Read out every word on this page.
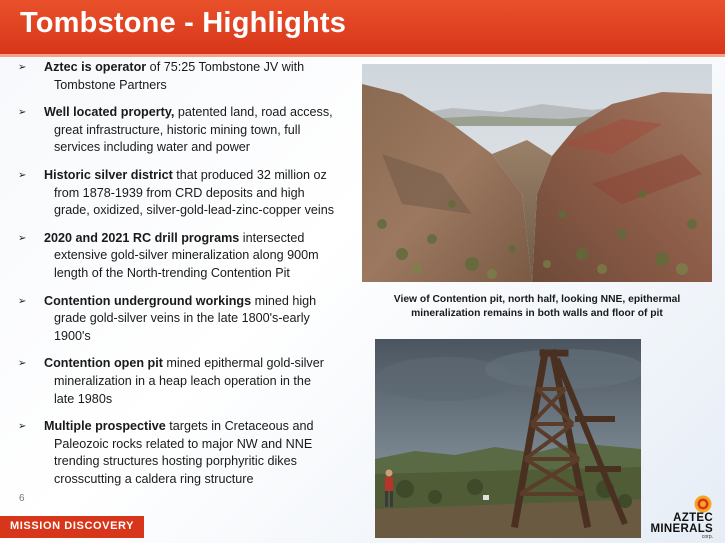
Tombstone - Highlights
➢	Aztec is operator of 75:25 Tombstone JV with
Tombstone Partners
➢	Well located property, patented land, road access,
great infrastructure, historic mining town, full
services including water and power
➢	Historic silver district that produced 32 million oz
from 1878-1939 from CRD deposits and high
grade, oxidized, silver-gold-lead-zinc-copper veins
➢	2020 and 2021 RC drill programs intersected
extensive gold-silver mineralization along 900m
length of the North-trending Contention Pit
➢	Contention underground workings mined high
grade gold-silver veins in the late 1800's-early
1900's
➢	Contention open pit mined epithermal gold-silver
mineralization in a heap leach operation in the
late 1980s
➢	Multiple prospective targets in Cretaceous and
Paleozoic rocks related to major NW and NNE
trending structures hosting porphyritic dikes
crosscutting a caldera ring structure
View of Contention pit, north half, looking NNE, epithermal
mineralization remains in both walls and floor of pit
6
MISSION DISCOVERY
AZTEC
MINERALS
corp.
